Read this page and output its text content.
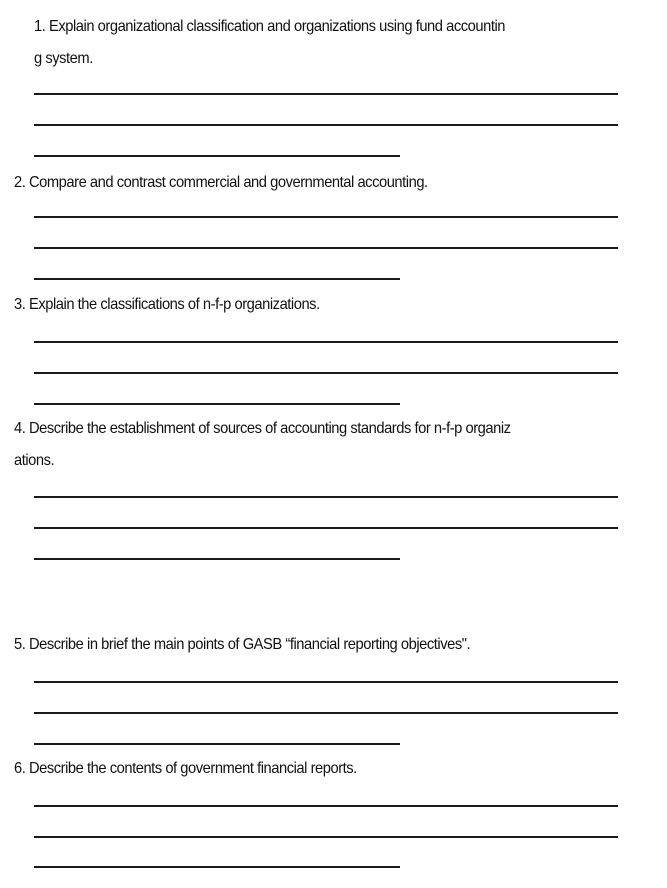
1. Explain organizational classification and organizations using fund accountin
g system.
2. Compare and contrast commercial and governmental accounting.
3. Explain the classifications of n-f-p organizations.
4. Describe the establishment of sources of accounting standards for n-f-p organiz
ations.
5. Describe in brief the main points of GASB “financial reporting objectives".
6. Describe the contents of government financial reports.
